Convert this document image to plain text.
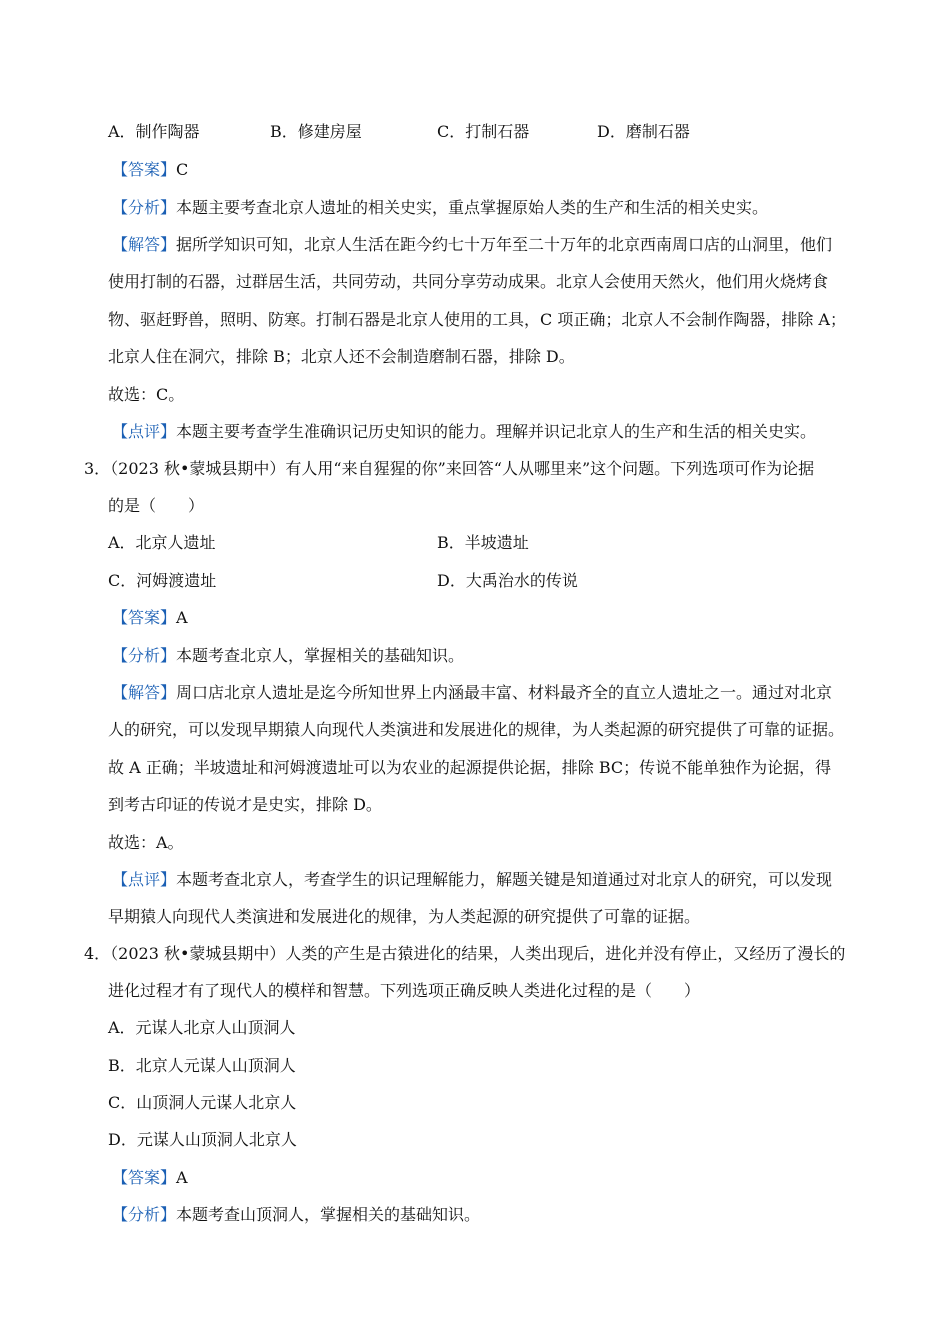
A．制作陶器	B．修建房屋	C．打制石器	D．磨制石器
【答案】C
【分析】本题主要考查北京人遗址的相关史实，重点掌握原始人类的生产和生活的相关史实。
【解答】据所学知识可知，北京人生活在距今约七十万年至二十万年的北京西南周口店的山洞里，他们
使用打制的石器，过群居生活，共同劳动，共同分享劳动成果。北京人会使用天然火，他们用火烧烤食
物、驱赶野兽，照明、防寒。打制石器是北京人使用的工具，C 项正确；北京人不会制作陶器，排除 A；
北京人住在洞穴，排除 B；北京人还不会制造磨制石器，排除 D。
故选：C。
【点评】本题主要考查学生准确识记历史知识的能力。理解并识记北京人的生产和生活的相关史实。
3．（2023 秋•蒙城县期中）有人用“来自猩猩的你”来回答“人从哪里来”这个问题。下列选项可作为论据
的是（　　）
A．北京人遗址	B．半坡遗址
C．河姆渡遗址	D．大禹治水的传说
【答案】A
【分析】本题考查北京人，掌握相关的基础知识。
【解答】周口店北京人遗址是迄今所知世界上内涵最丰富、材料最齐全的直立人遗址之一。通过对北京
人的研究，可以发现早期猿人向现代人类演进和发展进化的规律，为人类起源的研究提供了可靠的证据。
故 A 正确；半坡遗址和河姆渡遗址可以为农业的起源提供论据，排除 BC；传说不能单独作为论据，得
到考古印证的传说才是史实，排除 D。
故选：A。
【点评】本题考查北京人，考查学生的识记理解能力，解题关键是知道通过对北京人的研究，可以发现
早期猿人向现代人类演进和发展进化的规律，为人类起源的研究提供了可靠的证据。
4．（2023 秋•蒙城县期中）人类的产生是古猿进化的结果，人类出现后，进化并没有停止，又经历了漫长的
进化过程才有了现代人的模样和智慧。下列选项正确反映人类进化过程的是（　　）
A．元谋人北京人山顶洞人
B．北京人元谋人山顶洞人
C．山顶洞人元谋人北京人
D．元谋人山顶洞人北京人
【答案】A
【分析】本题考查山顶洞人，掌握相关的基础知识。
